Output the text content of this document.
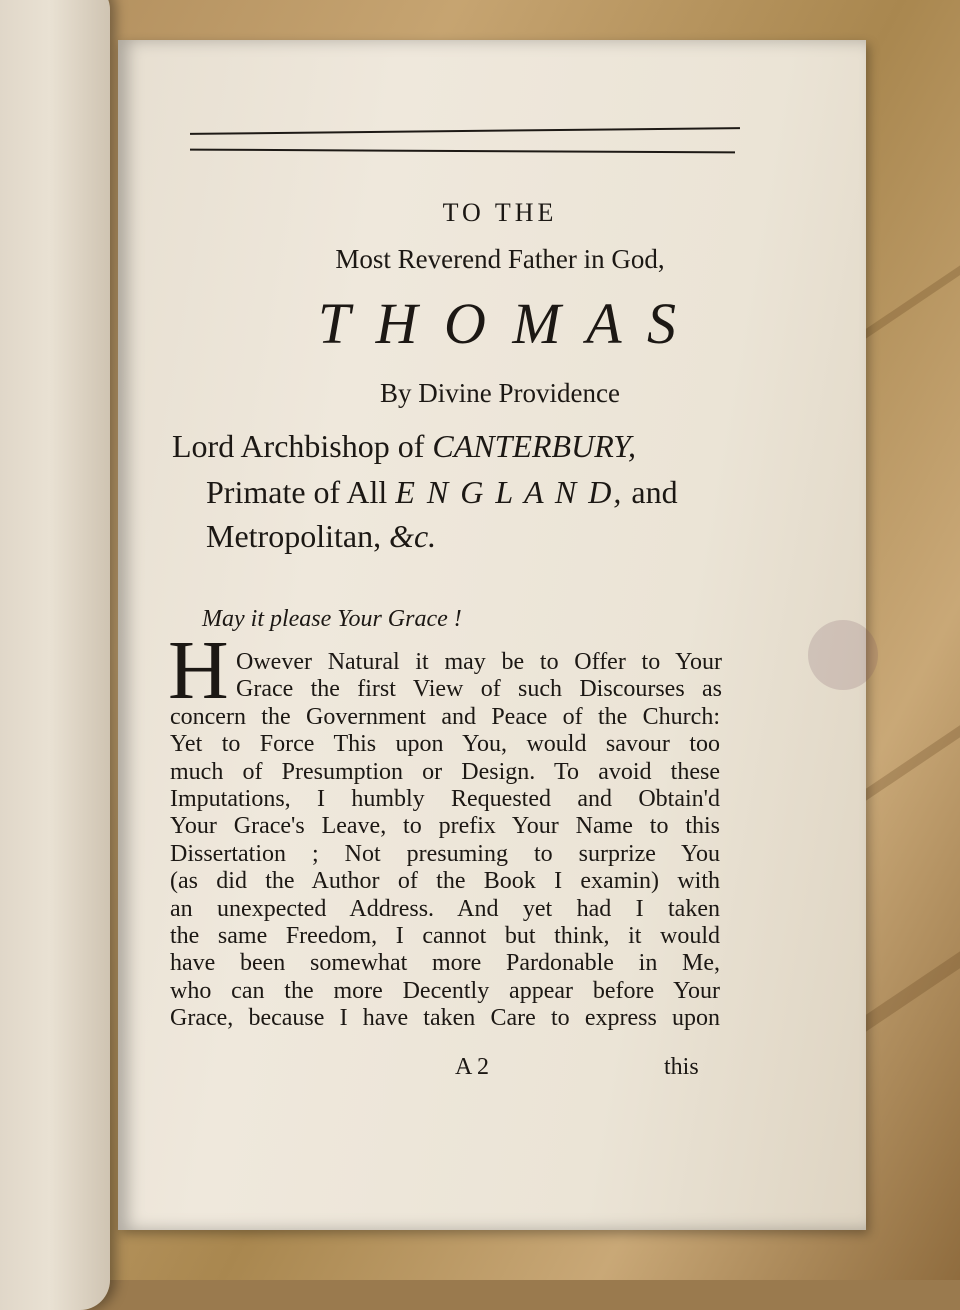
TO THE
Most Reverend Father in God,
T H O M A S
By Divine Providence
Lord Archbishop of CANTERBURY,
Primate of All E N G L A N D, and
Metropolitan, &c.
May it please Your Grace !
H Owever Natural it may be to Offer to Your
Grace the first View of such Discourses as
concern the Government and Peace of the Church:
Yet to Force This upon You, would savour too
much of Presumption or Design. To avoid these
Imputations, I humbly Requested and Obtain'd
Your Grace's Leave, to prefix Your Name to this
Dissertation ; Not presuming to surprize You
(as did the Author of the Book I examin) with
an unexpected Address. And yet had I taken
the same Freedom, I cannot but think, it would
have been somewhat more Pardonable in Me,
who can the more Decently appear before Your
Grace, because I have taken Care to express upon
A 2	this
